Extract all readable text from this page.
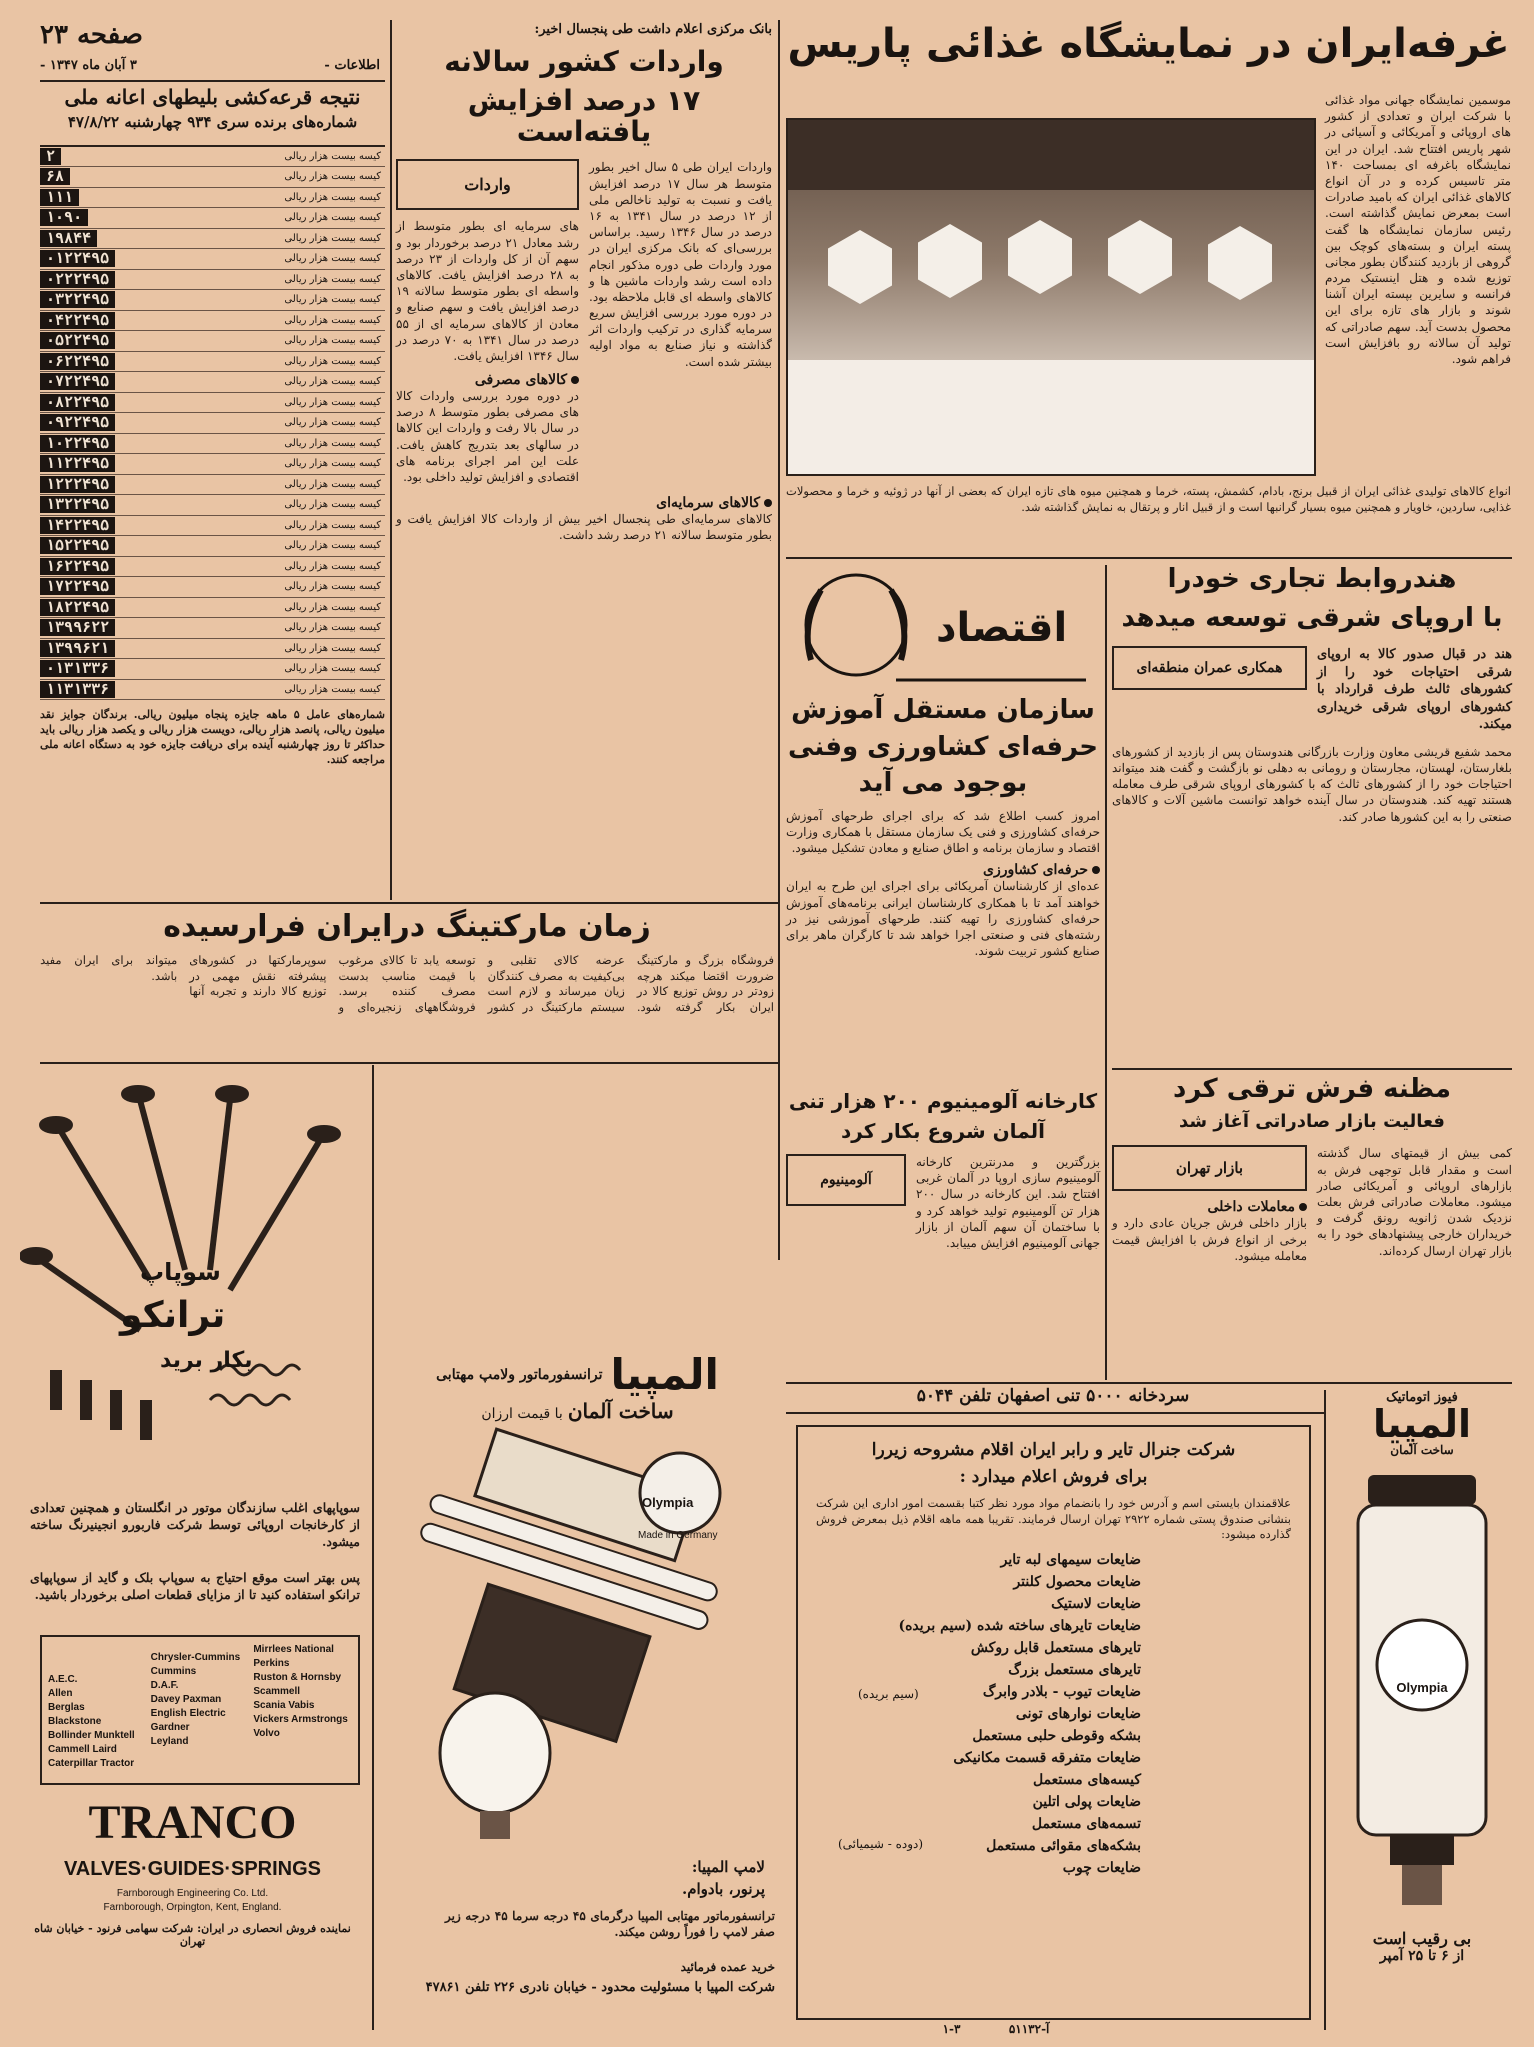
صفحه ۲۳
۳ آبان ماه ۱۳۴۷ -	اطلاعات -
نتیجه قرعه‌کشی بلیطهای اعانه ملی
شماره‌های برنده سری ۹۳۴ چهارشنبه ۴۷/۸/۲۲
کیسه بیست هزار ریالی
۲
کیسه بیست هزار ریالی
۶۸
کیسه بیست هزار ریالی
۱۱۱
کیسه بیست هزار ریالی
۱۰۹۰
کیسه بیست هزار ریالی
۱۹۸۴۴
کیسه بیست هزار ریالی
۰۱۲۲۴۹۵
کیسه بیست هزار ریالی
۰۲۲۲۴۹۵
کیسه بیست هزار ریالی
۰۳۲۲۴۹۵
کیسه بیست هزار ریالی
۰۴۲۲۴۹۵
کیسه بیست هزار ریالی
۰۵۲۲۴۹۵
کیسه بیست هزار ریالی
۰۶۲۲۴۹۵
کیسه بیست هزار ریالی
۰۷۲۲۴۹۵
کیسه بیست هزار ریالی
۰۸۲۲۴۹۵
کیسه بیست هزار ریالی
۰۹۲۲۴۹۵
کیسه بیست هزار ریالی
۱۰۲۲۴۹۵
کیسه بیست هزار ریالی
۱۱۲۲۴۹۵
کیسه بیست هزار ریالی
۱۲۲۲۴۹۵
کیسه بیست هزار ریالی
۱۳۲۲۴۹۵
کیسه بیست هزار ریالی
۱۴۲۲۴۹۵
کیسه بیست هزار ریالی
۱۵۲۲۴۹۵
کیسه بیست هزار ریالی
۱۶۲۲۴۹۵
کیسه بیست هزار ریالی
۱۷۲۲۴۹۵
کیسه بیست هزار ریالی
۱۸۲۲۴۹۵
کیسه بیست هزار ریالی
۱۳۹۹۶۲۲
کیسه بیست هزار ریالی
۱۳۹۹۶۲۱
کیسه بیست هزار ریالی
۰۱۳۱۳۳۶
کیسه بیست هزار ریالی
۱۱۳۱۳۳۶
شماره‌های عامل ۵ ماهه جایزه پنجاه میلیون ریالی. برندگان جوایز نقد میلیون ریالی، پانصد هزار ریالی، دویست هزار ریالی و یکصد هزار ریالی باید حداکثر تا روز چهارشنبه آینده برای دریافت جایزه خود به دستگاه اعانه ملی مراجعه کنند.
بانک مرکزی اعلام داشت طی پنجسال اخیر:
واردات کشور سالانه
۱۷ درصد افزایش یافته‌است
واردات ایران طی ۵ سال اخیر بطور متوسط هر سال ۱۷ درصد افزایش یافت و نسبت به تولید ناخالص ملی از ۱۲ درصد در سال ۱۳۴۱ به ۱۶ درصد در سال ۱۳۴۶ رسید. براساس بررسی‌ای که بانک مرکزی ایران در مورد واردات طی دوره مذکور انجام داده است رشد واردات ماشین ها و کالاهای واسطه ای قابل ملاحظه بود. در دوره مورد بررسی افزایش سریع سرمایه گذاری در ترکیب واردات اثر گذاشته و نیاز صنایع به مواد اولیه بیشتر شده است.
واردات
های سرمایه ای بطور متوسط از رشد معادل ۲۱ درصد برخوردار بود و سهم آن از کل واردات از ۲۳ درصد به ۲۸ درصد افزایش یافت. کالاهای واسطه ای بطور متوسط سالانه ۱۹ درصد افزایش یافت و سهم صنایع و معادن از کالاهای سرمایه ای از ۵۵ درصد در سال ۱۳۴۱ به ۷۰ درصد در سال ۱۳۴۶ افزایش یافت.
کالاهای مصرفی
در دوره مورد بررسی واردات کالا های مصرفی بطور متوسط ۸ درصد در سال بالا رفت و واردات این کالاها در سالهای بعد بتدریج کاهش یافت. علت این امر اجرای برنامه های اقتصادی و افزایش تولید داخلی بود.
کالاهای سرمایه‌ای
کالاهای سرمایه‌ای طی پنجسال اخیر بیش از واردات کالا افزایش یافت و بطور متوسط سالانه ۲۱ درصد رشد داشت.
غرفه‌ایران در نمایشگاه غذائی پاریس
موسمین نمایشگاه جهانی مواد غذائی با شرکت ایران و تعدادی از کشور های اروپائی و آمریکائی و آسیائی در شهر پاریس افتتاح شد. ایران در این نمایشگاه باغرفه ای بمساحت ۱۴۰ متر تاسیس کرده و در آن انواع کالاهای غذائی ایران که بامید صادرات است بمعرض نمایش گذاشته است. رئیس سازمان نمایشگاه ها گفت پسته ایران و بسته‌های کوچک بین گروهی از بازدید کنندگان بطور مجانی توزیع شده و هتل اینستیک مردم فرانسه و سایرین بپسته ایران آشنا شوند و بازار های تازه برای این محصول بدست آید. سهم صادراتی که تولید آن سالانه رو بافزایش است فراهم شود.
انواع کالاهای تولیدی غذائی ایران از قبیل برنج، بادام، کشمش، پسته، خرما و همچنین میوه های تازه ایران که بعضی از آنها در ژوئیه و خرما و محصولات غذایی، ساردین، خاویار و همچنین میوه بسیار گرانبها است و از قبیل انار و پرتقال به نمایش گذاشته شد.
اقتصاد
سازمان مستقل آموزش
حرفه‌ای کشاورزی وفنی
بوجود می آید
امروز کسب اطلاع شد که برای اجرای طرحهای آموزش حرفه‌ای کشاورزی و فنی یک سازمان مستقل با همکاری وزارت اقتصاد و سازمان برنامه و اطاق صنایع و معادن تشکیل میشود.
حرفه‌ای کشاورزی
عده‌ای از کارشناسان آمریکائی برای اجرای این طرح به ایران خواهند آمد تا با همکاری کارشناسان ایرانی برنامه‌های آموزش حرفه‌ای کشاورزی را تهیه کنند. طرحهای آموزشی نیز در رشته‌های فنی و صنعتی اجرا خواهد شد تا کارگران ماهر برای صنایع کشور تربیت شوند.
هندروابط تجاری خودرا
با اروپای شرقی توسعه میدهد
هند در قبال صدور کالا به اروپای شرقی احتیاجات خود را از کشورهای ثالث طرف قرارداد با کشورهای اروپای شرقی خریداری میکند.
همکاری عمران منطقه‌ای
محمد شفیع قریشی معاون وزارت بازرگانی هندوستان پس از بازدید از کشورهای بلغارستان، لهستان، مجارستان و رومانی به دهلی نو بازگشت و گفت هند میتواند احتیاجات خود را از کشورهای ثالث که با کشورهای اروپای شرقی طرف معامله هستند تهیه کند. هندوستان در سال آینده خواهد توانست ماشین آلات و کالاهای صنعتی را به این کشورها صادر کند.
مظنه فرش ترقی کرد
فعالیت بازار صادراتی آغاز شد
کمی بیش از قیمتهای سال گذشته است و مقدار قابل توجهی فرش به بازارهای اروپائی و آمریکائی صادر میشود. معاملات صادراتی فرش بعلت نزدیک شدن ژانویه رونق گرفت و خریداران خارجی پیشنهاد‌های خود را به بازار تهران ارسال کرده‌اند.
بازار تهران
معاملات داخلی
بازار داخلی فرش جریان عادی دارد و برخی از انواع فرش با افزایش قیمت معامله میشود.
زمان مارکتینگ درایران فرارسیده
فروشگاه بزرگ و مارکتینگ ضرورت اقتضا میکند هرچه زودتر در روش توزیع کالا در ایران بکار گرفته شود. عرضه کالای تقلبی و بی‌کیفیت به مصرف کنندگان زیان میرساند و لازم است سیستم مارکتینگ در کشور توسعه یابد تا کالای مرغوب با قیمت مناسب بدست مصرف کننده برسد. فروشگاههای زنجیره‌ای و سوپرمارکتها در کشورهای پیشرفته نقش مهمی در توزیع کالا دارند و تجربه آنها میتواند برای ایران مفید باشد.
کارخانه آلومینیوم ۲۰۰ هزار تنی
آلمان شروع بکار کرد
بزرگترین و مدرنترین کارخانه آلومینیوم سازی اروپا در آلمان غربی افتتاح شد. این کارخانه در سال ۲۰۰ هزار تن آلومینیوم تولید خواهد کرد و با ساختمان آن سهم آلمان از بازار جهانی آلومینیوم افزایش مییابد.
آلومینیوم
سردخانه ۵۰۰۰ تنی اصفهان تلفن ۵۰۴۴
شرکت جنرال تایر و رابر ایران اقلام مشروحه زیررا
برای فروش اعلام میدارد :
علاقمندان بایستی اسم و آدرس خود را بانضمام مواد مورد نظر کتبا بقسمت امور اداری این شرکت بنشانی صندوق پستی شماره ۲۹۲۲ تهران ارسال فرمایند. تقریبا همه ماهه اقلام ذیل بمعرض فروش گذارده میشود:
ضایعات سیمهای لبه تایر
ضایعات محصول کلنتر
ضایعات لاستیک
ضایعات تایرهای ساخته شده (سیم بریده)
تایرهای مستعمل قابل روکش
تایرهای مستعمل بزرگ
ضایعات تیوب - بلادر وابرگ
ضایعات نوارهای تونی
بشکه وقوطی حلبی مستعمل
ضایعات متفرقه قسمت مکانیکی
کیسه‌های مستعمل
ضایعات پولی اتلین
تسمه‌های مستعمل
بشکه‌های مقوائی مستعمل
ضایعات چوب
(سیم بریده)
(دوده - شیمیائی)
فیوز اتوماتیک
المپیا
ساخت آلمان
Olympia
بی رقیب است
از ۶ تا ۲۵ آمپر
المپیا
ترانسفورماتور ولامپ مهتابی
ساخت آلمان با قیمت ارزان
Olympia
Made in Germany
لامپ المپیا:
پرنور، بادوام.
ترانسفورماتور مهتابی المپیا درگرمای ۴۵ درجه سرما ۴۵ درجه زیر صفر لامپ را فوراً روشن میکند.
خرید عمده فرمائید
شرکت المپیا با مسئولیت محدود - خیابان نادری ۲۲۶ تلفن ۴۷۸۶۱
سوپاپ
ترانکو
بکار برید
سوپاپهای اغلب سازندگان موتور در انگلستان و همچنین تعدادی از کارخانجات اروپائی توسط شرکت فاربورو انجینیرنگ ساخته میشود.
پس بهتر است موقع احتیاج به سوپاپ بلک و گاید از سوپاپهای ترانکو استفاده کنید تا از مزایای قطعات اصلی برخوردار باشید.
A.E.C.
Allen
Berglas
Blackstone
Bollinder Munktell
Cammell Laird
Caterpillar Tractor
Chrysler-Cummins
Cummins
D.A.F.
Davey Paxman
English Electric
Gardner
Leyland
Mirrlees National
Perkins
Ruston & Hornsby
Scammell
Scania Vabis
Vickers Armstrongs
Volvo
TRANCO
VALVES·GUIDES·SPRINGS
Farnborough Engineering Co. Ltd.
Farnborough, Orpington, Kent, England.
نماینده فروش انحصاری در ایران: شرکت سهامی فرنود - خیابان شاه تهران
آ-۵۱۱۳۲  ۳-۱
